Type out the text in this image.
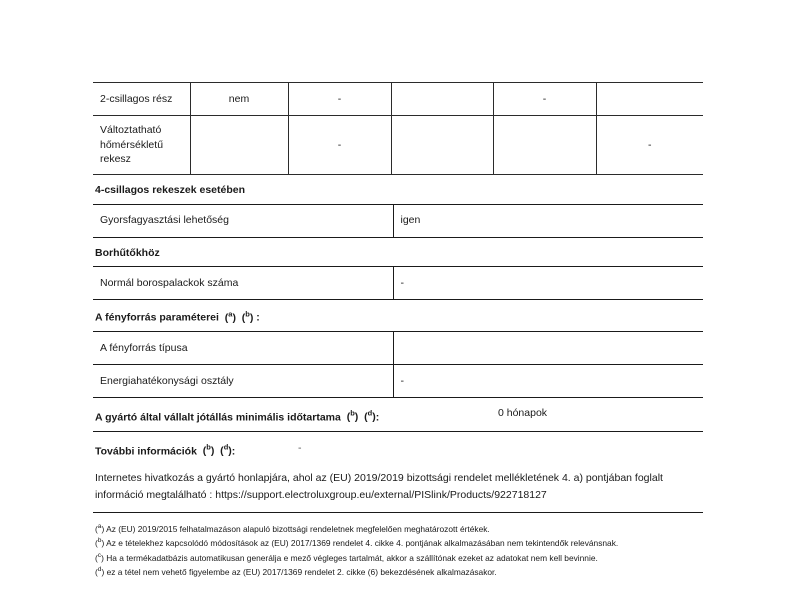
2-csillagos rész	nem	-		-	
Változtatható hőmérsékletű rekesz		-			-
4-csillagos rekeszek esetében
Gyorsfagyasztási lehetőség	igen
Borhűtőkhöz
Normál borospalackok száma	-
A fényforrás paraméterei  ($^a$)  ($^b$) :
A fényforrás típusa	
Energiahatékonysági osztály	-
A gyártó által vállalt jótállás minimális időtartama  ($^b$)  ($^d$):	0 hónapok
További információk  ($^b$)  ($^d$):	-
Internetes hivatkozás a gyártó honlapjára, ahol az (EU) 2019/2019 bizottsági rendelet mellékletének 4. a) pontjában foglalt információ megtalálható : https://support.electroluxgroup.eu/external/PISlink/Products/922718127
($^a$) Az (EU) 2019/2015 felhatalmazáson alapuló bizottsági rendeletnek megfelelően meghatározott értékek.
($^b$) Az e tételekhez kapcsolódó módosítások az (EU) 2017/1369 rendelet 4. cikke 4. pontjának alkalmazásában nem tekintendők relevánsnak.
($^c$) Ha a termékadatbázis automatikusan generálja e mező végleges tartalmát, akkor a szállítónak ezeket az adatokat nem kell bevinnie.
($^d$) ez a tétel nem vehető figyelembe az (EU) 2017/1369 rendelet 2. cikke (6) bekezdésének alkalmazásakor.
